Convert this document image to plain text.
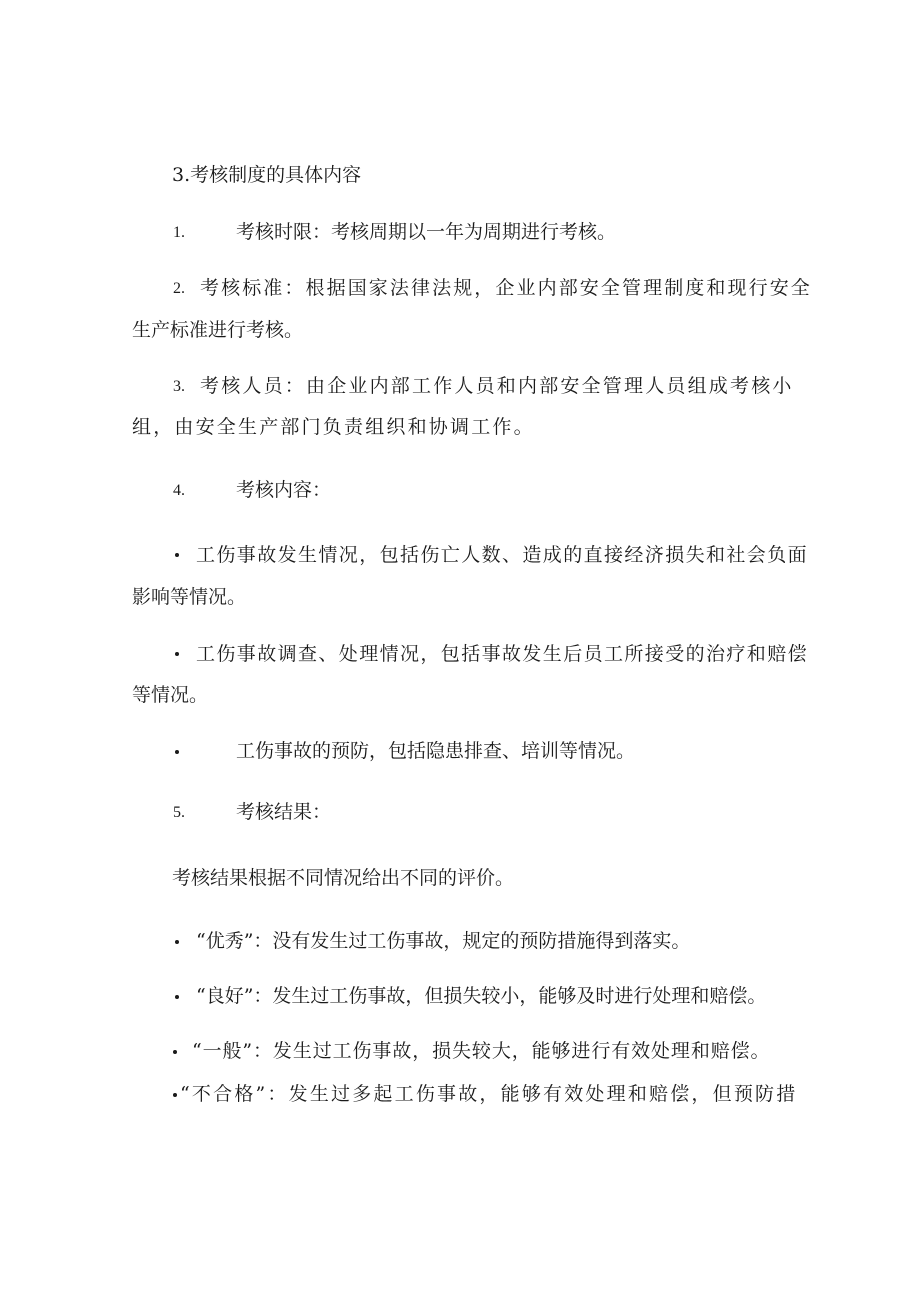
3.考核制度的具体内容
1.	考核时限：考核周期以一年为周期进行考核。
2. 考核标准：根据国家法律法规，企业内部安全管理制度和现行安全
生产标准进行考核。
3. 考核人员：由企业内部工作人员和内部安全管理人员组成考核小
组，由安全生产部门负责组织和协调工作。
4.	考核内容：
工伤事故发生情况，包括伤亡人数、造成的直接经济损失和社会负面
影响等情况。
工伤事故调查、处理情况，包括事故发生后员工所接受的治疗和赔偿
等情况。
工伤事故的预防，包括隐患排查、培训等情况。
5.	考核结果：
考核结果根据不同情况给出不同的评价。
“优秀”：没有发生过工伤事故，规定的预防措施得到落实。
“良好”：发生过工伤事故，但损失较小，能够及时进行处理和赔偿。
“一般”：发生过工伤事故，损失较大，能够进行有效处理和赔偿。
“不合格”：发生过多起工伤事故，能够有效处理和赔偿，但预防措
